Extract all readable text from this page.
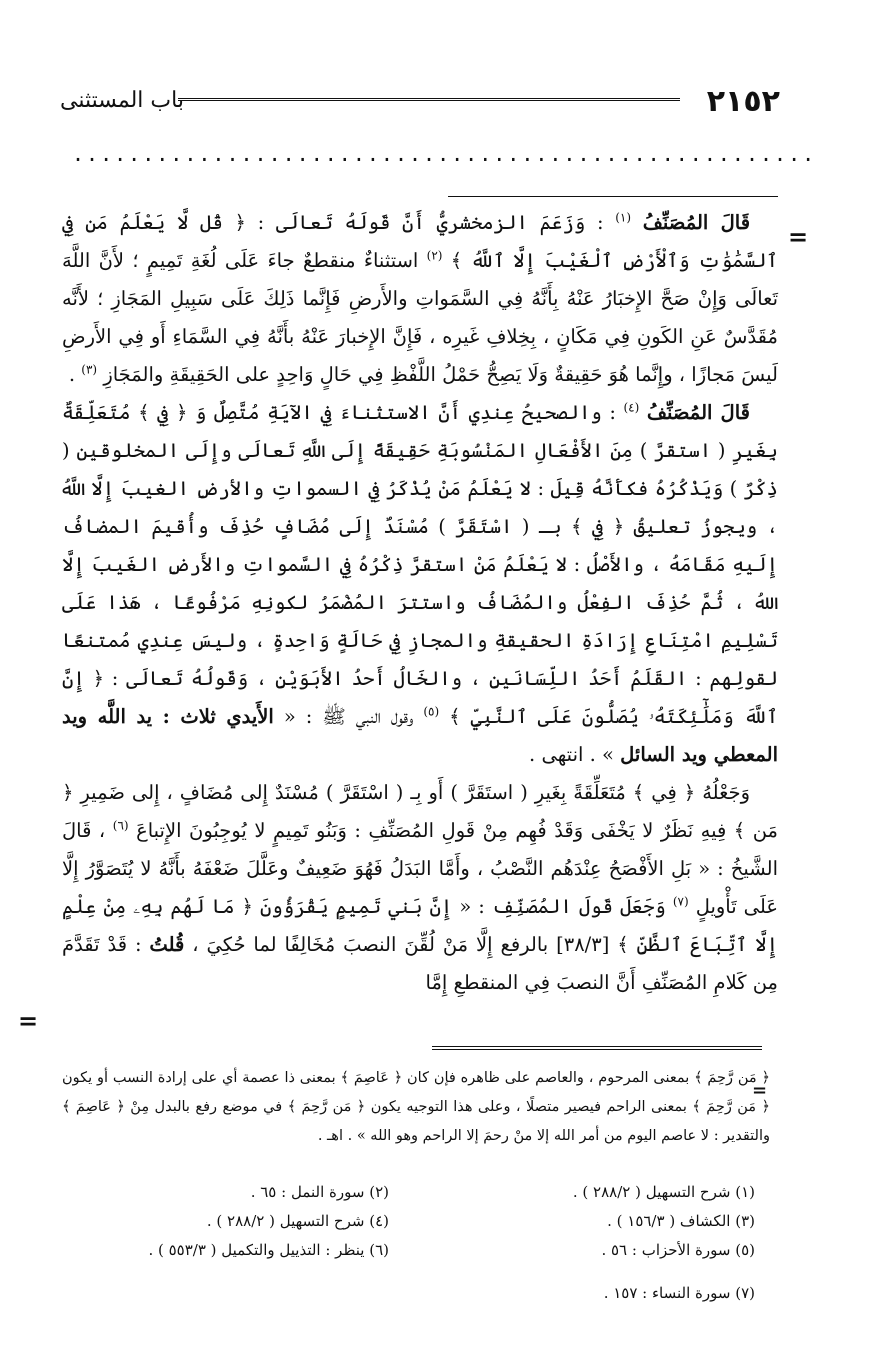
٢١٥٢
باب المستثنى
.....................................................
=

قَالَ المُصَنِّفُ $^{(١)}$ : وَزَعَمَ الزمخشريُّ أَنَّ قَولَهُ تَعالَى : ﴿ قُل لَّا يَعْلَمُ مَن فِي ٱلسَّمَٰوَٰتِ وَٱلْأَرْضِ ٱلْغَيْبَ إِلَّا ٱللَّهُ ﴾ $^{(٢)}$ استثناءٌ منقطعٌ جاءَ عَلَى لُغَةِ تَمِيمٍ ؛ لأَنَّ اللَّهَ تَعالَى وَإِنْ صَحَّ الإِخبَارُ عَنْهُ بِأَنَّهُ فِي السَّمَواتِ والأَرضِ فَإِنَّما ذَلِكَ عَلَى سَبِيلِ المَجَازِ ؛ لأَنَّه مُقَدَّسٌ عَنِ الكَونِ فِي مَكَانٍ ، بِخِلافِ غَيرِه ، فَإِنَّ الإِخبارَ عَنْهُ بأَنَّهُ فِي السَّمَاءِ أَو فِي الأَرضِ لَيسَ مَجازًا ، وإِنَّما هُوَ حَقِيقةٌ وَلَا يَصِحُّ حَمْلُ اللَّفْظِ فِي حَالٍ وَاحِدٍ على الحَقِيقَةِ والمَجَازِ $^{(٣)}$ .

قَالَ المُصَنِّفُ $^{(٤)}$ : والصحيحُ عِندِي أَنَّ الاستثناءَ فِي الآيَةِ مُتَّصِلٌ وَ ﴿ فِي ﴾ مُتَعَلِّقَةٌ بِغَيرِ ( استقرَّ ) مِنَ الأَفْعَالِ المَنْسُوبَةِ حَقِيقَةً إِلَى اللَّهِ تَعالَى وإِلَى المخلوقين ( ذِكْرٌ ) وَيَذْكُرُهُ فكأَنَّهُ قِيلَ : لا يَعْلَمُ مَنْ يُذْكَرُ فِي السمواتِ والأرضِ الغيبَ إِلَّا اللَّهُ ، ويجوزُ تعليقُ ﴿ فِي ﴾ بـ ( اسْتَقَرَّ ) مُسْنَدٌ إِلَى مُضَافٍ حُذِفَ وأُقيمَ المضافُ إِلَيهِ مَقَامَهُ ، والأَصْلُ : لا يَعْلَمُ مَنْ استقرَّ ذِكْرُهُ فِي السَّمواتِ والأَرضِ الغَيبَ إِلَّا اللهُ ، ثُمَّ حُذِفَ الفِعْلُ والمُضَافُ واستترَ المُضْمَرُ لكونِهِ مَرْفُوعًا ، هَذا عَلَى تَسْلِيمِ امْتِنَاعِ إِرَادَةِ الحقيقةِ والمجازِ فِي حَالَةٍ وَاحِدةٍ ، وليسَ عِندِي مُمتنعًا لقولِهم : القَلَمُ أَحَدُ اللِّسَانَينِ ، والخَالُ أَحدُ الأَبَوَيْنِ ، وَقَولُهُ تَعالَى : ﴿ إِنَّ ٱللَّهَ وَمَلَٰٓئِكَتَهُۥ يُصَلُّونَ عَلَى ٱلنَّبِيِّ ﴾ $^{(٥)}$ وقول النبي ﷺ : « الأَيدي ثلاث : يد اللَّه ويد المعطي ويد السائل » . انتهى .

وَجَعْلُهُ ﴿ فِي ﴾ مُتَعَلِّقَةً بِغَيرِ ( استَقَرَّ ) أَو بِـ ( اسْتَقَرَّ ) مُسْنَدٌ إِلى مُضَافٍ ، إِلى ضَمِيرِ ﴿ مَن ﴾ فِيهِ نَظَرٌ لا يَخْفَى وَقَدْ فُهِم مِنْ قَولِ المُصَنِّفِ : وَبَنُو تَمِيمٍ لا يُوجِبُونَ الإِتباعَ $^{(٦)}$ ، قَالَ الشَّيخُ : « بَلِ الأَفْصَحُ عِنْدَهُم النَّصْبُ ، وأَمَّا البَدَلُ فَهُوَ ضَعِيفٌ وعَلَّلَ ضَعْفَهُ بأَنَّهُ لا يُتَصَوَّرُ إِلَّا عَلَى تَأْويلٍ $^{(٧)}$ وَجَعَلَ قَولَ المُصَنِّفِ : « إِنَّ بَني تَمِيمٍ يَقْرَؤُونَ ﴿ مَا لَهُم بِهِۦ مِنْ عِلْمٍ إِلَّا ٱتِّبَاعَ ٱلظَّنِّ ﴾ [٣٨/٣] بالرفع إِلَّا مَنْ لُقِّنَ النصبَ مُخَالِفًا لما حُكِيَ ، قُلتُ : قَدْ تَقَدَّمَ مِن كَلامِ المُصَنِّفِ أَنَّ النصبَ فِي المنقطعِ إِمَّا

=
=

﴿ مَن رَّحِمَ ﴾ بمعنى المرحوم ، والعاصم على ظاهره فإن كان ﴿ عَاصِمَ ﴾ بمعنى ذا عصمة أي على إرادة النسب أو يكون ﴿ مَن رَّحِمَ ﴾ بمعنى الراحم فيصير متصلًا ، وعلى هذا التوجيه يكون ﴿ مَن رَّحِمَ ﴾ في موضع رفع بالبدل مِنْ ﴿ عَاصِمَ ﴾ والتقدير : لا عاصم اليوم من أمر الله إلا منْ رحمَ إلا الراحم وهو الله » . اهـ .

(١) شرح التسهيل ( ٢٨٨/٢ ) .
(٢) سورة النمل : ٦٥ .
(٣) الكشاف ( ١٥٦/٣ ) .
(٤) شرح التسهيل ( ٢٨٨/٢ ) .
(٥) سورة الأحزاب : ٥٦ .
(٦) ينظر : التذييل والتكميل ( ٥٥٣/٣ ) .
(٧) سورة النساء : ١٥٧ .
